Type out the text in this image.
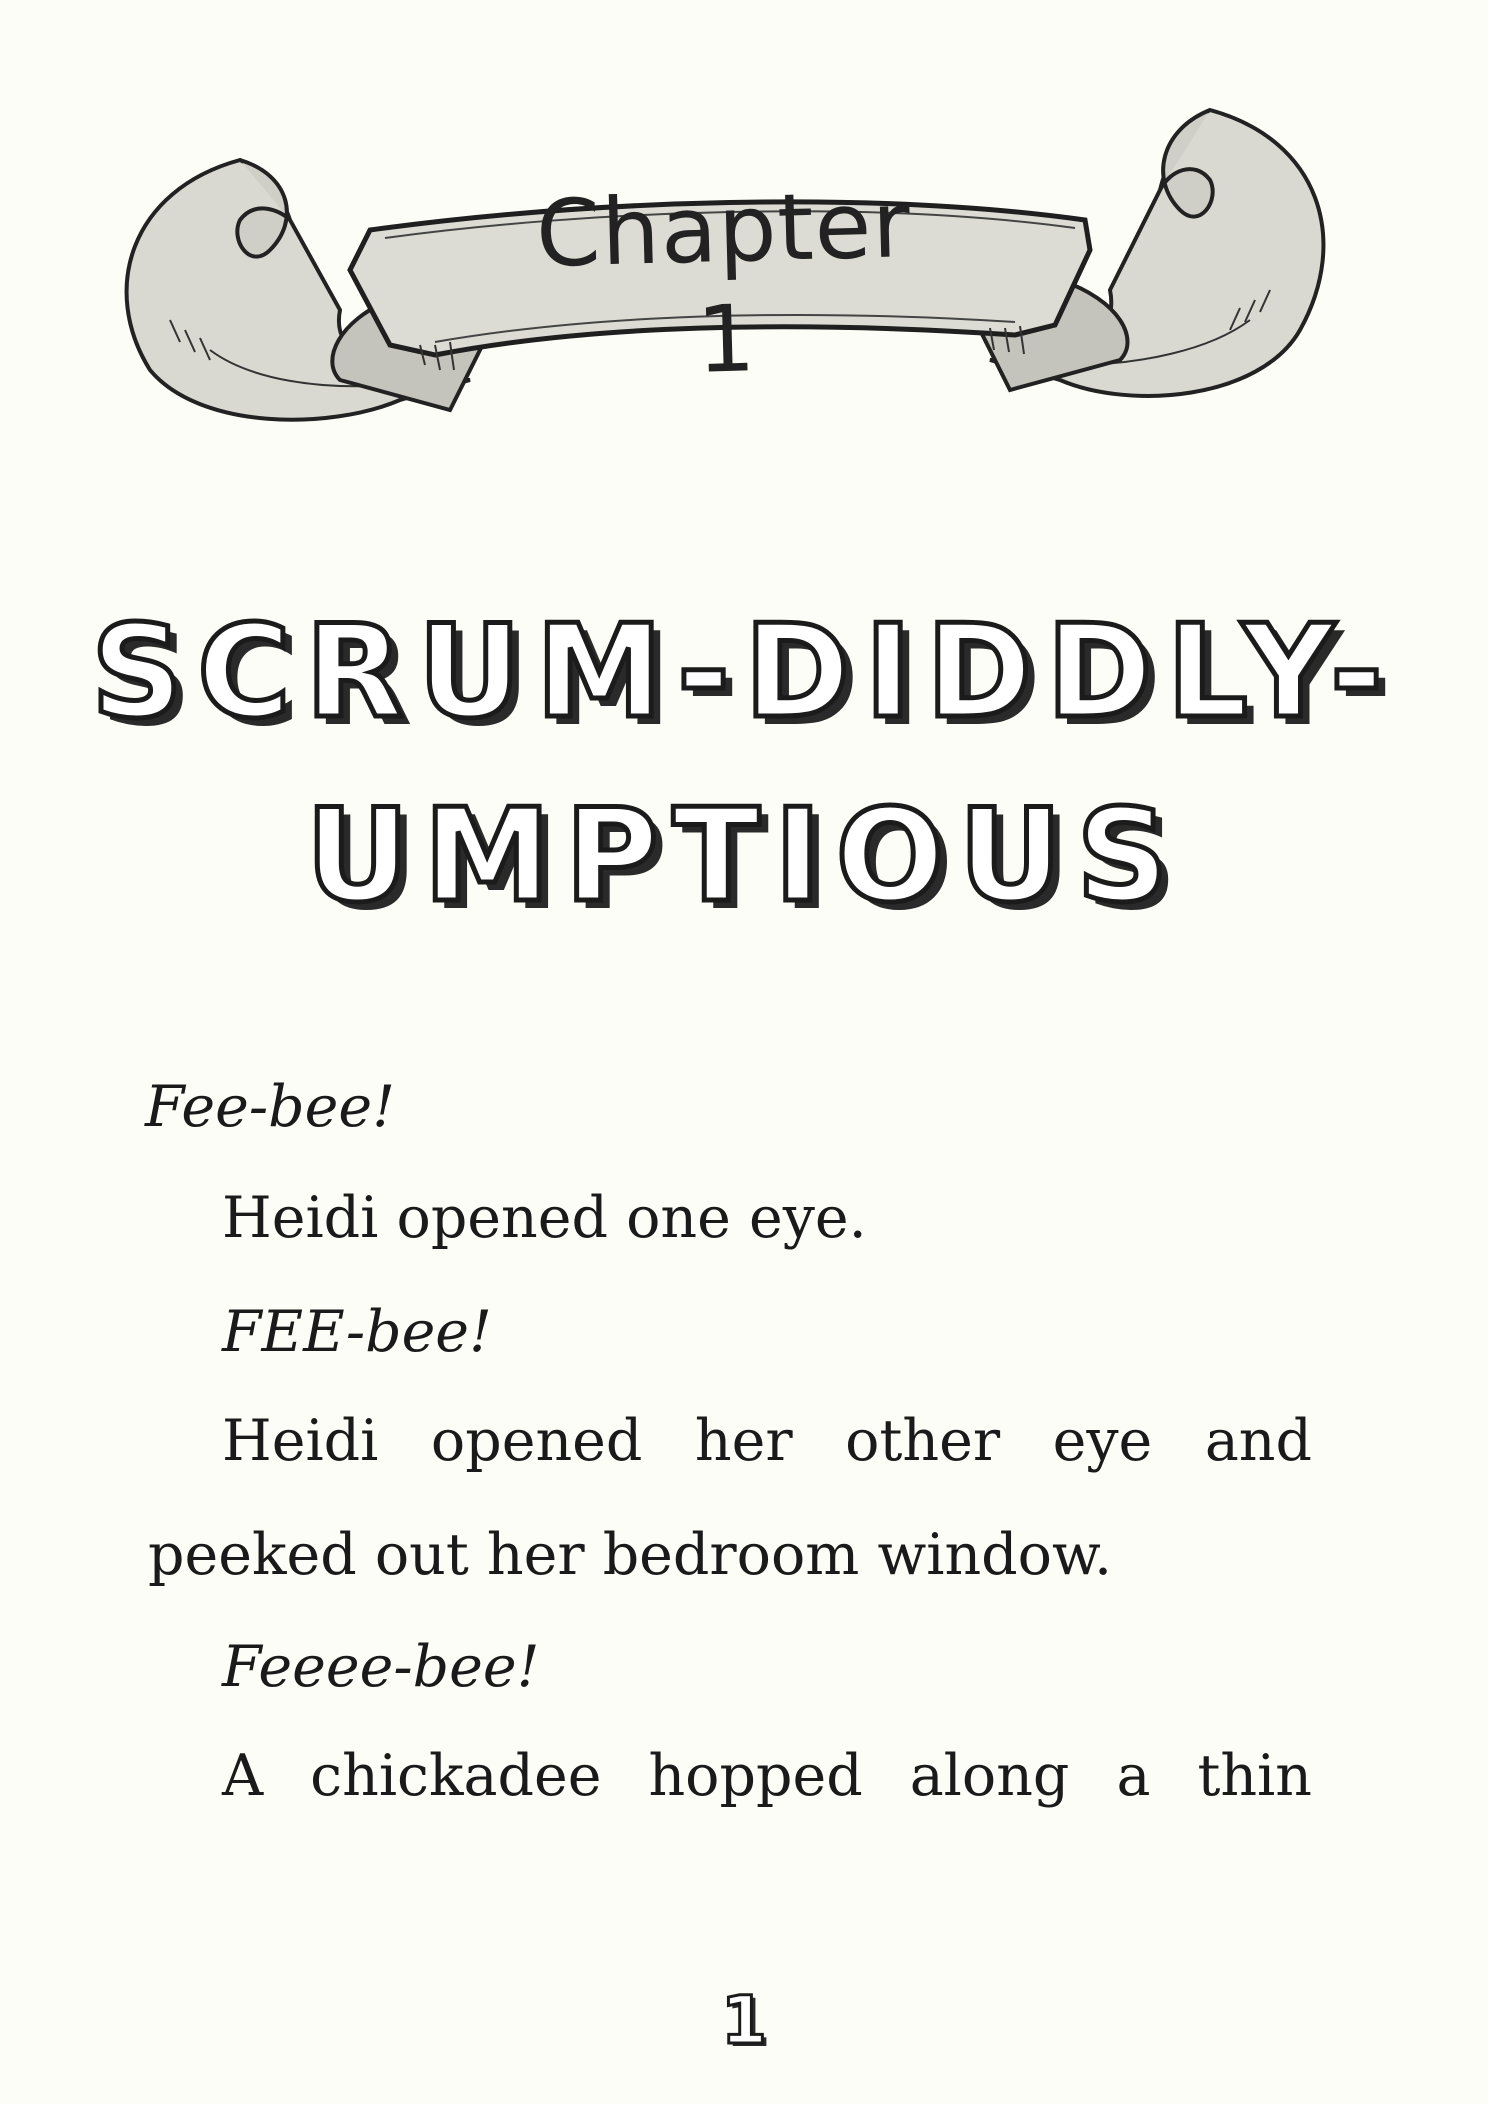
Chapter 1
SCRUM-DIDDLY-
UMPTIOUS
Fee-bee!
Heidi opened one eye.
FEE-bee!
Heidi opened her other eye and
peeked out her bedroom window.
Feeee-bee!
A chickadee hopped along a thin
1
